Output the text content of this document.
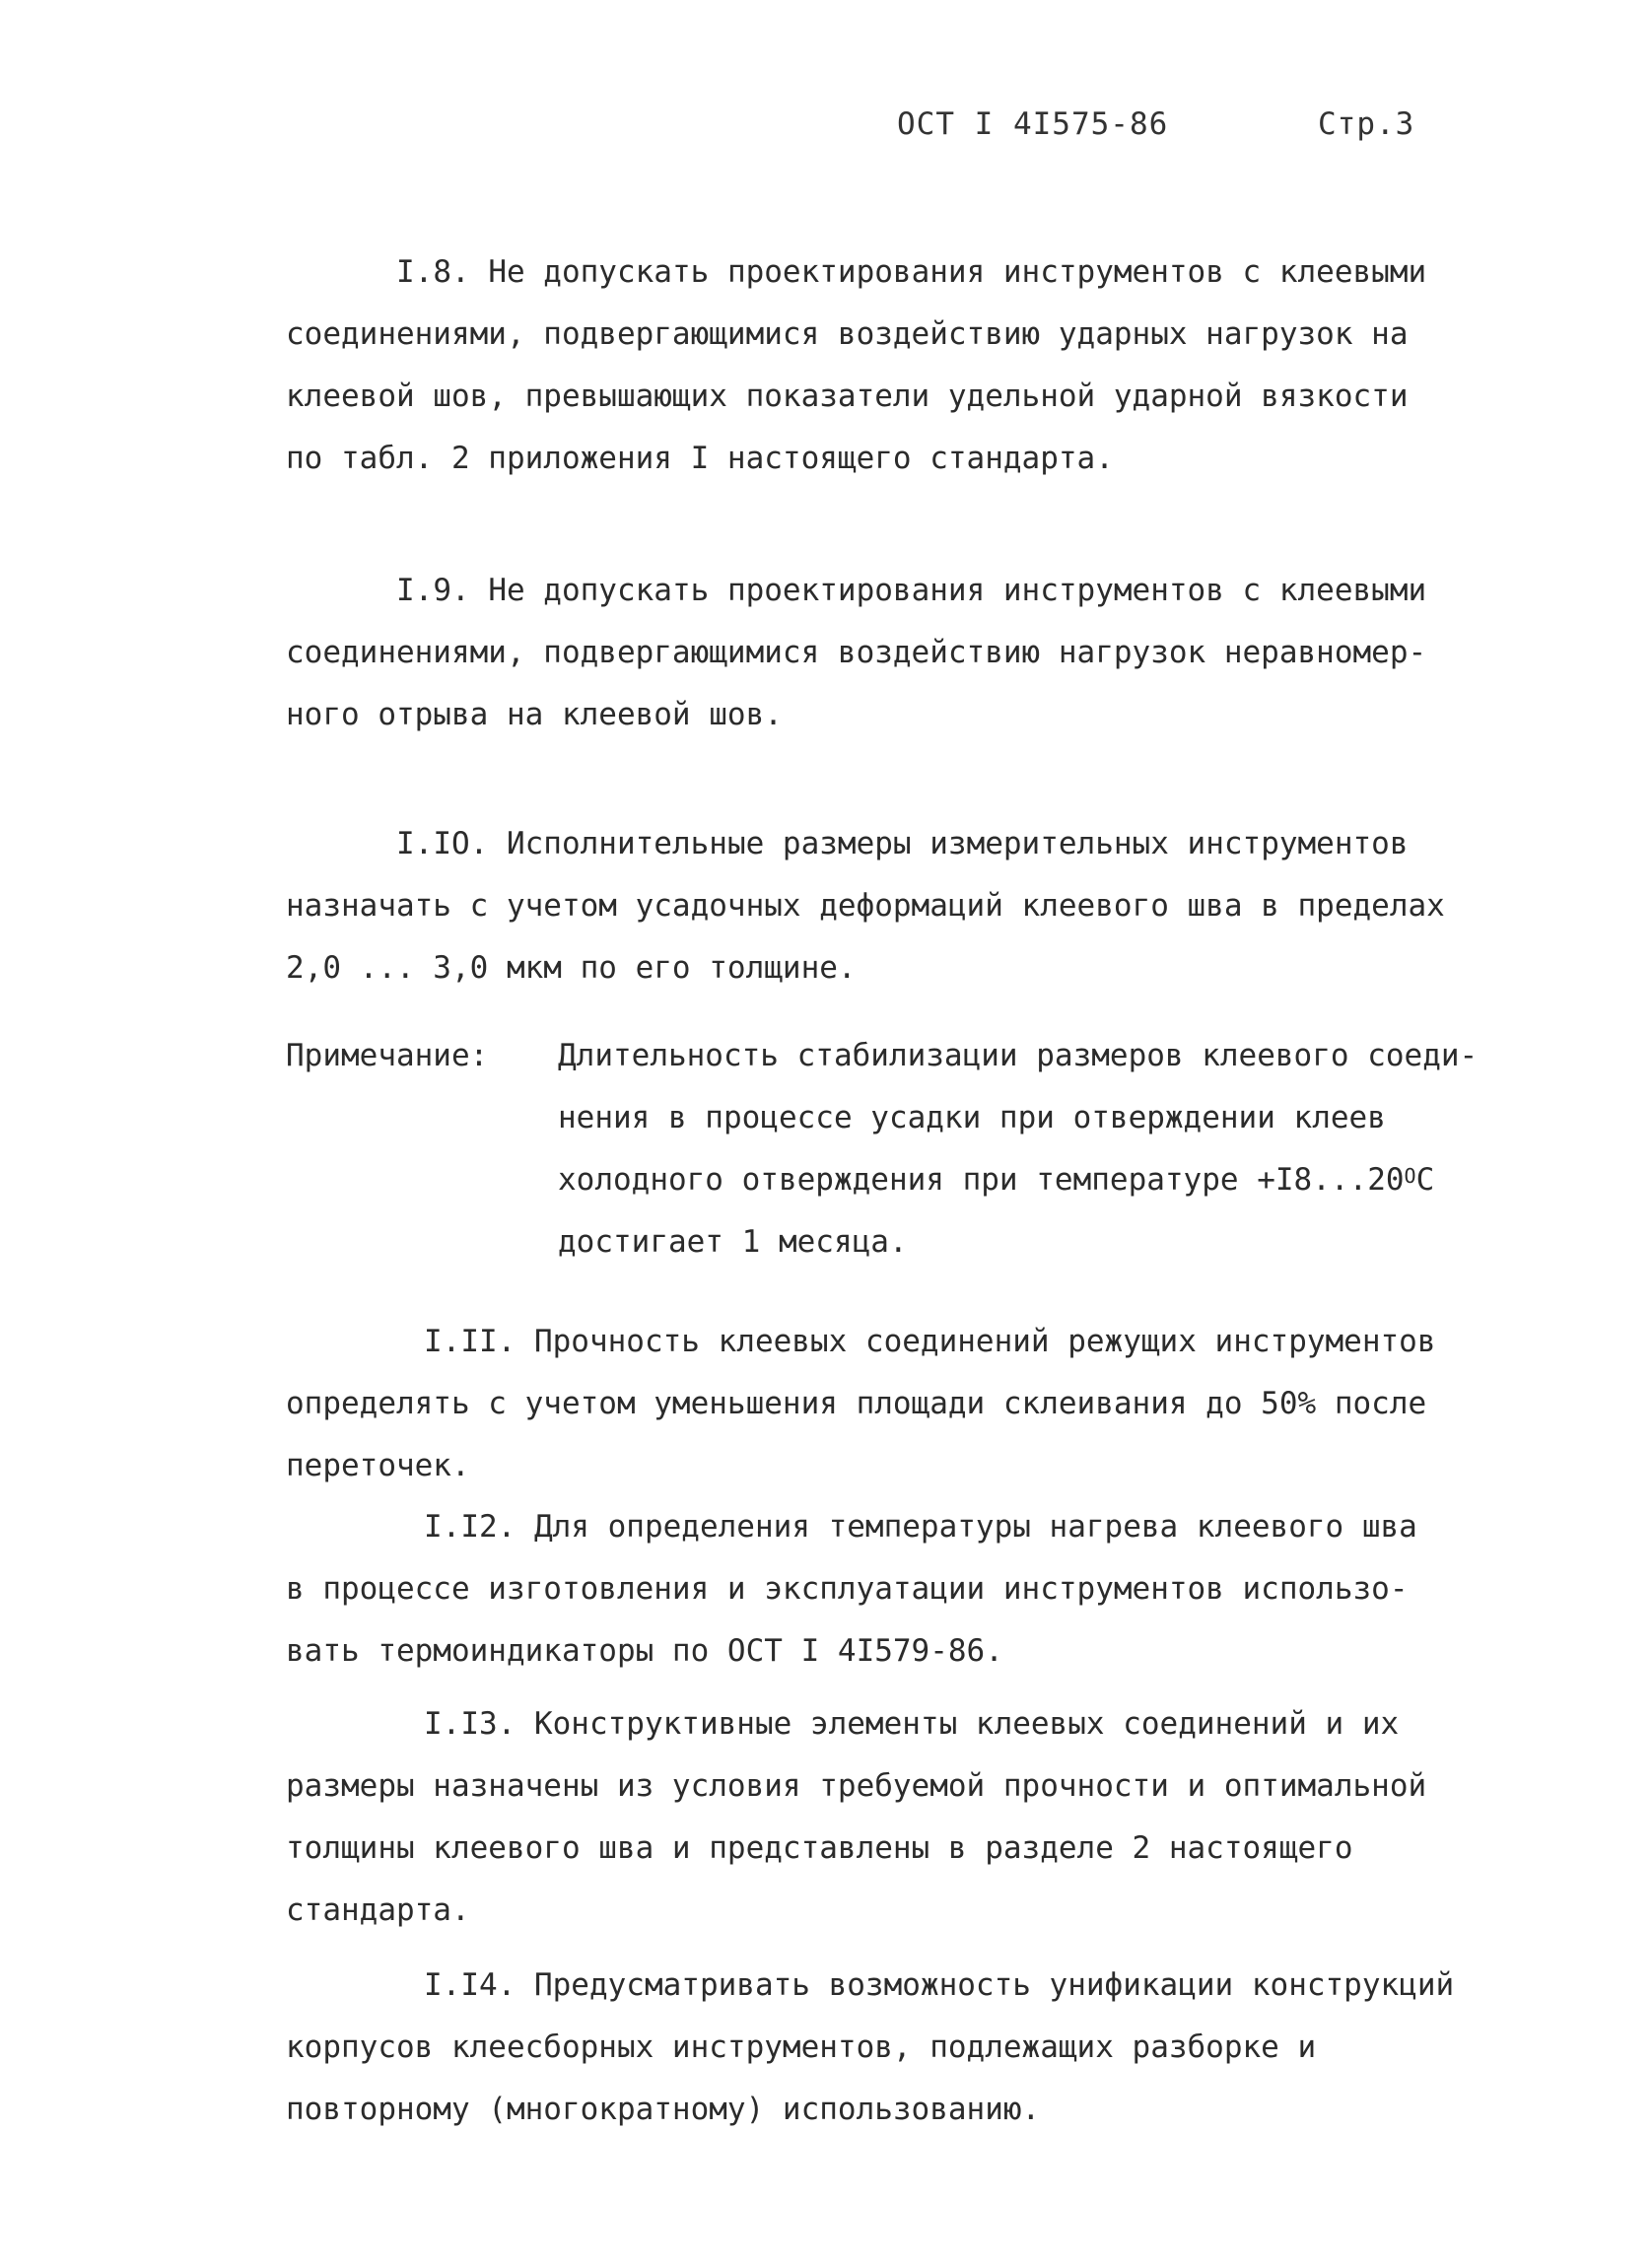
ОСТ I 4I575-86	Стр.3
I.8. Не допускать проектирования инструментов с клеевыми
соединениями, подвергающимися воздействию ударных нагрузок на
клеевой шов, превышающих показатели удельной ударной вязкости
по табл. 2 приложения I настоящего стандарта.
I.9. Не допускать проектирования инструментов с клеевыми
соединениями, подвергающимися воздействию нагрузок неравномер-
ного отрыва на клеевой шов.
I.IO. Исполнительные размеры измерительных инструментов
назначать с учетом усадочных деформаций клеевого шва в пределах
2,0 ... 3,0 мкм по его толщине.
Примечание: Длительность стабилизации размеров клеевого соеди-
нения в процессе усадки при отверждении клеев
холодного отверждения при температуре $+I8...20^ОС$
достигает 1 месяца.
I.II. Прочность клеевых соединений режущих инструментов
определять с учетом уменьшения площади склеивания до 50% после
переточек.
I.I2. Для определения температуры нагрева клеевого шва
в процессе изготовления и эксплуатации инструментов использо-
вать термоиндикаторы по ОСТ I 4I579-86.
I.I3. Конструктивные элементы клеевых соединений и их
размеры назначены из условия требуемой прочности и оптимальной
толщины клеевого шва и представлены в разделе 2 настоящего
стандарта.
I.I4. Предусматривать возможность унификации конструкций
корпусов клеесборных инструментов, подлежащих разборке и
повторному (многократному) использованию.
